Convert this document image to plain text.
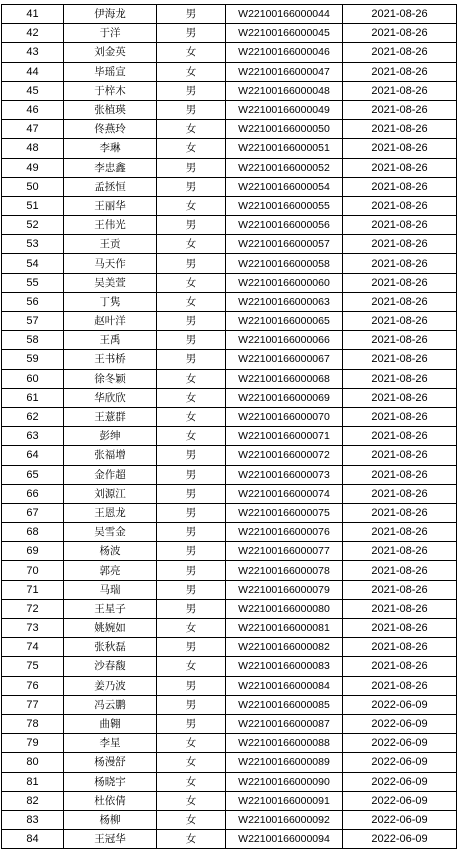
41	伊海龙	男	W22100166000044	2021-08-26
42	于洋	男	W22100166000045	2021-08-26
43	刘金英	女	W22100166000046	2021-08-26
44	毕瑶宣	女	W22100166000047	2021-08-26
45	于梓木	男	W22100166000048	2021-08-26
46	张植瑛	男	W22100166000049	2021-08-26
47	佟燕玲	女	W22100166000050	2021-08-26
48	李琳	女	W22100166000051	2021-08-26
49	李忠鑫	男	W22100166000052	2021-08-26
50	孟拯恒	男	W22100166000054	2021-08-26
51	王丽华	女	W22100166000055	2021-08-26
52	王伟光	男	W22100166000056	2021-08-26
53	王贡	女	W22100166000057	2021-08-26
54	马天作	男	W22100166000058	2021-08-26
55	吴美萱	女	W22100166000060	2021-08-26
56	丁隽	女	W22100166000063	2021-08-26
57	赵叶洋	男	W22100166000065	2021-08-26
58	王禹	男	W22100166000066	2021-08-26
59	王书桥	男	W22100166000067	2021-08-26
60	徐冬颖	女	W22100166000068	2021-08-26
61	华欣欣	女	W22100166000069	2021-08-26
62	王薏群	女	W22100166000070	2021-08-26
63	彭绅	女	W22100166000071	2021-08-26
64	张福增	男	W22100166000072	2021-08-26
65	金作超	男	W22100166000073	2021-08-26
66	刘源江	男	W22100166000074	2021-08-26
67	王恩龙	男	W22100166000075	2021-08-26
68	吴雪金	男	W22100166000076	2021-08-26
69	杨波	男	W22100166000077	2021-08-26
70	郭亮	男	W22100166000078	2021-08-26
71	马瑞	男	W22100166000079	2021-08-26
72	王星子	男	W22100166000080	2021-08-26
73	姚婉如	女	W22100166000081	2021-08-26
74	张秋磊	男	W22100166000082	2021-08-26
75	沙春馥	女	W22100166000083	2021-08-26
76	姜乃波	男	W22100166000084	2021-08-26
77	冯云鹏	男	W22100166000085	2022-06-09
78	曲翱	男	W22100166000087	2022-06-09
79	李星	女	W22100166000088	2022-06-09
80	杨漫舒	女	W22100166000089	2022-06-09
81	杨晓宇	女	W22100166000090	2022-06-09
82	杜依倩	女	W22100166000091	2022-06-09
83	杨柳	女	W22100166000092	2022-06-09
84	王冠华	女	W22100166000094	2022-06-09
